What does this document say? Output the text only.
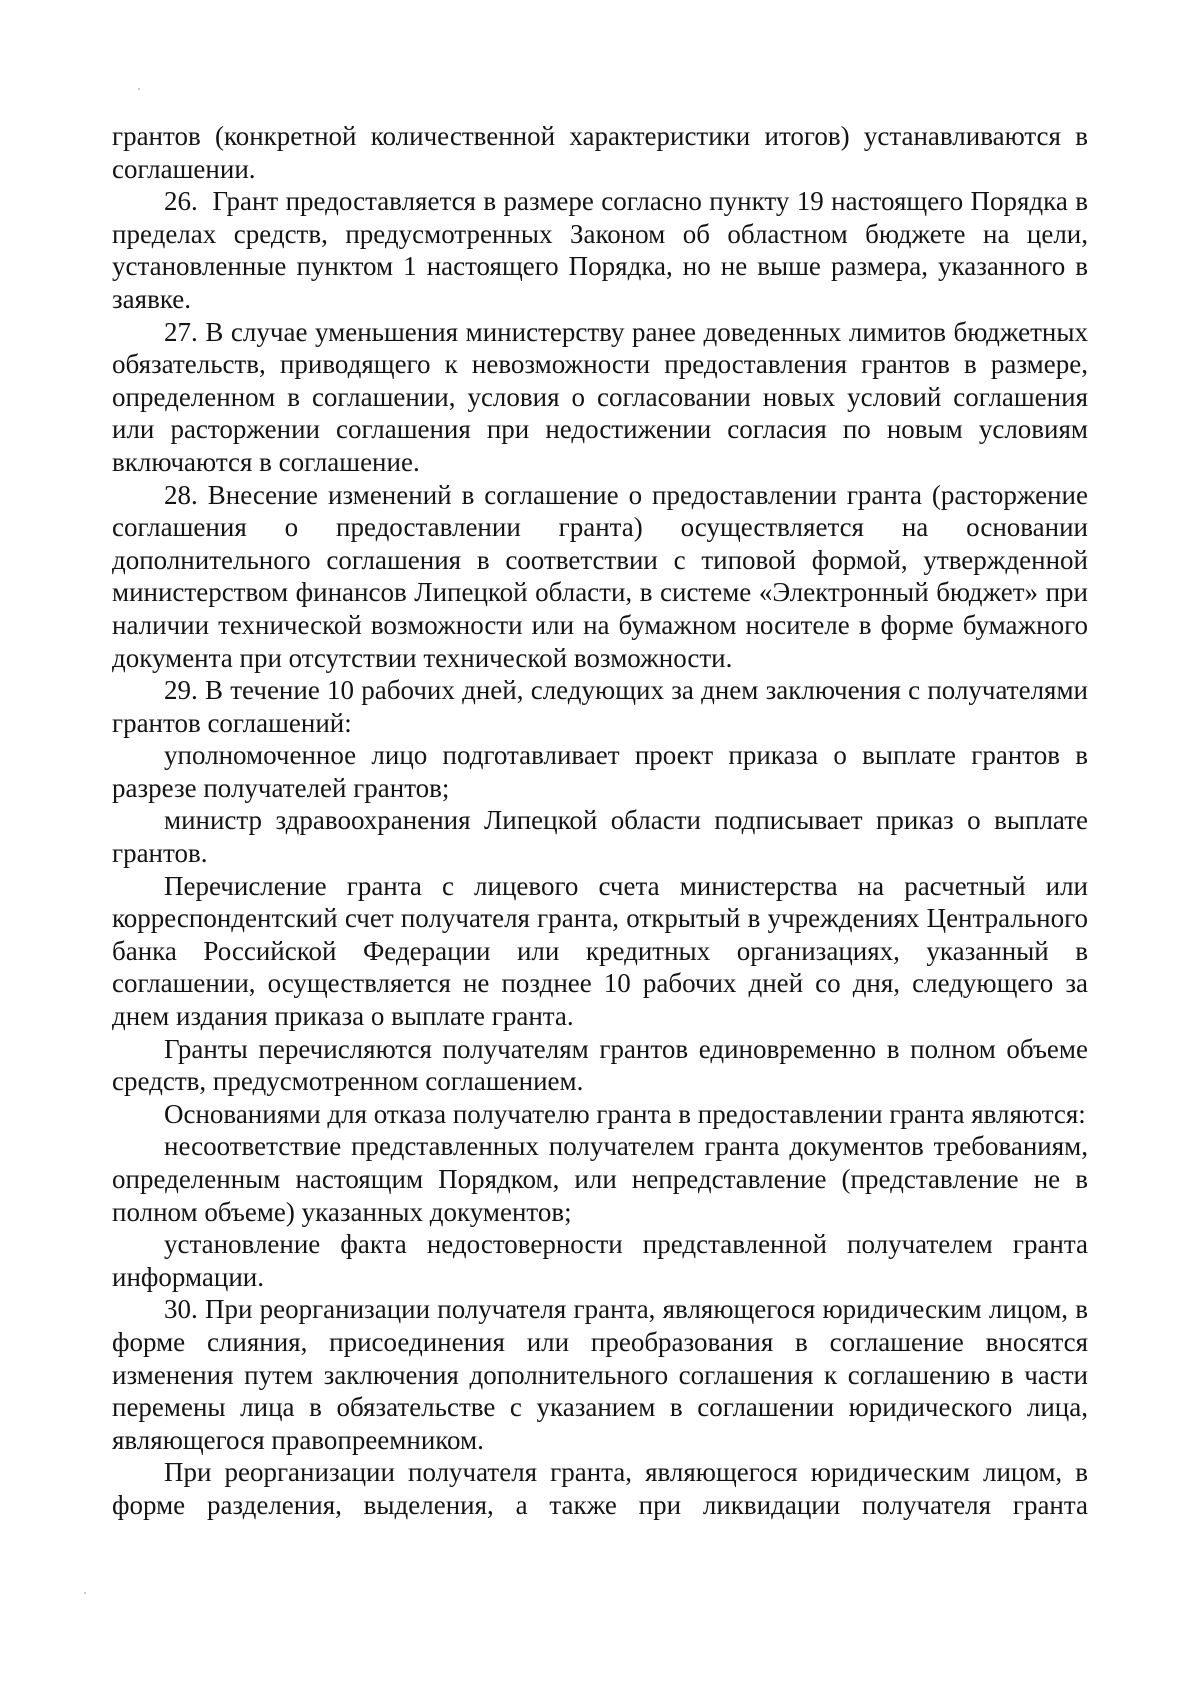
грантов (конкретной количественной характеристики итогов) устанавливаются в соглашении.

26.  Грант предоставляется в размере согласно пункту 19 настоящего Порядка в пределах средств, предусмотренных Законом об областном бюджете на цели, установленные пунктом 1 настоящего Порядка, но не выше размера, указанного в заявке.

27. В случае уменьшения министерству ранее доведенных лимитов бюджетных обязательств, приводящего к невозможности предоставления грантов в размере, определенном в соглашении, условия о согласовании новых условий соглашения или расторжении соглашения при недостижении согласия по новым условиям включаются в соглашение.

28. Внесение изменений в соглашение о предоставлении гранта (расторжение соглашения о предоставлении гранта) осуществляется на основании дополнительного соглашения в соответствии с типовой формой, утвержденной министерством финансов Липецкой области, в системе «Электронный бюджет» при наличии технической возможности или на бумажном носителе в форме бумажного документа при отсутствии технической возможности.

29. В течение 10 рабочих дней, следующих за днем заключения с получателями грантов соглашений:

уполномоченное лицо подготавливает проект приказа о выплате грантов в разрезе получателей грантов;

министр здравоохранения Липецкой области подписывает приказ о выплате грантов.

Перечисление гранта с лицевого счета министерства на расчетный или корреспондентский счет получателя гранта, открытый в учреждениях Центрального банка Российской Федерации или кредитных организациях, указанный в соглашении, осуществляется не позднее 10 рабочих дней со дня, следующего за днем издания приказа о выплате гранта.

Гранты перечисляются получателям грантов единовременно в полном объеме средств, предусмотренном соглашением.

Основаниями для отказа получателю гранта в предоставлении гранта являются:

несоответствие представленных получателем гранта документов требованиям, определенным настоящим Порядком, или непредставление (представление не в полном объеме) указанных документов;

установление факта недостоверности представленной получателем гранта информации.

30. При реорганизации получателя гранта, являющегося юридическим лицом, в форме слияния, присоединения или преобразования в соглашение вносятся изменения путем заключения дополнительного соглашения к соглашению в части перемены лица в обязательстве с указанием в соглашении юридического лица, являющегося правопреемником.

При реорганизации получателя гранта, являющегося юридическим лицом, в форме разделения, выделения, а также при ликвидации получателя гранта
